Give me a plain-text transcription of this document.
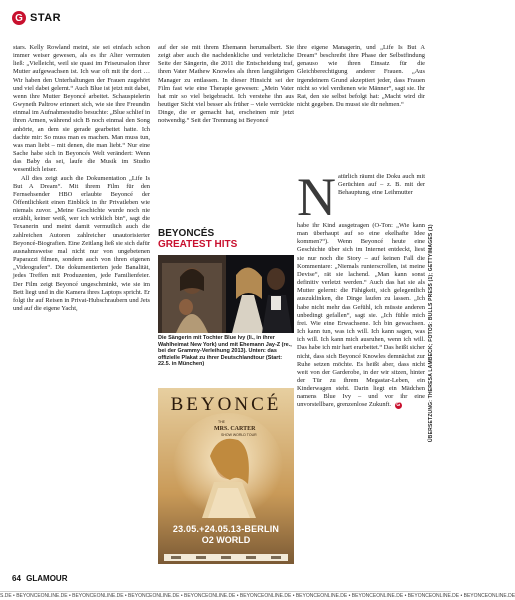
G STAR

stars. Kelly Rowland meint, sie sei einfach schon immer weiser gewesen, als es ihr Alter vermuten ließ: „Vielleicht, weil sie quasi im Friseursalon ihrer Mutter aufgewachsen ist. Ich war oft mit ihr dort … Wir haben den Unterhaltungen der Frauen zugehört und viel dabei gelernt.“ Auch Blue ist jetzt mit dabei, wenn ihre Mutter Beyoncé arbeitet. Schauspielerin Gwyneth Paltrow erinnert sich, wie sie ihre Freundin einmal im Aufnahmestudio besuchte: „Blue schlief in ihren Armen, während sich B noch einmal den Song anhörte, an dem sie gerade gearbeitet hatte. Ich dachte mir: So muss man es machen. Man muss tun, was man liebt – mit denen, die man liebt.“ Nur eine Sache habe sich in Beyoncés Welt verändert: Wenn das Baby da sei, laufe die Musik im Studio wesentlich leiser.

All dies zeigt auch die Dokumentation „Life Is But A Dream“. Mit ihrem Film für den Fernsehsender HBO erlaubte Beyoncé der Öffentlichkeit einen Einblick in ihr Privatleben wie niemals zuvor. „Meine Geschichte wurde noch nie erzählt, keiner weiß, wer ich wirklich bin“, sagt die Texanerin und meint damit vermutlich auch die zahlreichen Autoren zahlreicher unautorisierter Beyoncé-Biografien. Eine Zeitlang ließ sie sich dafür ausnahmsweise mal nicht nur von ungebetenen Paparazzi filmen, sondern auch von ihren eigenen „Videografen“. Die dokumentierten jede Banalität, jedes Treffen mit Produzenten, jede Familienfeier. Der Film zeigt Beyoncé ungeschminkt, wie sie im Bett liegt und in die Kamera ihres Laptops spricht. Er folgt ihr auf Reisen in Privat-Hubschraubern und Jets und auf die eigene Yacht,

auf der sie mit ihrem Ehemann herumalbert. Sie zeigt aber auch die nachdenkliche und verletzliche Seite der Sängerin, die 2011 die Entscheidung traf, ihren Vater Mathew Knowles als ihren langjährigen Manager zu entlassen. In dieser Hinsicht sei der Film fast wie eine Therapie gewesen: „Mein Vater hat mir so viel beigebracht. Ich verstehe ihn aus heutiger Sicht viel besser als früher – viele verrückte Dinge, die er gemacht hat, erscheinen mir jetzt notwendig.“ Seit der Trennung ist Beyoncé

BEYONCÉS
GREATEST HITS
Die Sängerin mit Tochter Blue Ivy (li., in ihrer Wahlheimat New York) und mit Ehemann Jay-Z (re., bei der Grammy-Verleihung 2013). Unten: das offizielle Plakat zu ihrer Deutschlandtour (Start: 22.5. in München)
BEYONCÉ
THE
MRS. CARTER
SHOW WORLD TOUR
23.05.+24.05.13-BERLIN
O2 WORLD

ihre eigene Managerin, und „Life Is But A Dream“ beschreibt ihre Phase der Selbstfindung genauso wie ihren Einsatz für die Gleichberechtigung anderer Frauen. „Aus irgendeinem Grund akzeptiert jeder, dass Frauen nicht so viel verdienen wie Männer“, sagt sie. Ihr Rat, den sie selbst befolgt hat: „Macht wird dir nicht gegeben. Du musst sie dir nehmen.“

N atürlich räumt die Doku auch mit Gerüchten auf – z. B. mit der Behauptung, eine Leihmutter
habe ihr Kind ausgetragen (O-Ton: „Wie kann man überhaupt auf so eine ekelhafte Idee kommen?“). Wenn Beyoncé heute eine Geschichte über sich im Internet entdeckt, liest sie nur noch die Story – auf keinen Fall die Kommentare: „Niemals runterscrollen, ist meine Devise“, rät sie lachend. „Man kann sonst definitiv verletzt werden.“ Auch das hat sie als Mutter gelernt: die Fähigkeit, sich gelegentlich auszuklinken, die Dinge laufen zu lassen. „Ich habe nicht mehr das Gefühl, ich müsste anderen unbedingt gefallen“, sagt sie. „Ich fühle mich frei. Wie eine Erwachsene. Ich bin gewachsen. Ich kann tun, was ich will. Ich kann sagen, was ich will. Ich kann mich ausruhen, wenn ich will. Das habe ich mir hart erarbeitet.“ Das heißt sicher nicht, dass sich Beyoncé Knowles demnächst zur Ruhe setzen möchte. Es heißt aber, dass nicht weit von der Garderobe, in der wir sitzen, hinter der Tür zu ihrem Megastar-Leben, ein Kinderwagen steht. Darin liegt ein Mädchen namens Blue Ivy – und vor ihr eine unvorstellbare, grenzenlose Zukunft. G	ÜBERSETZUNG: THERESA LAMBECK; FOTOS: BULLS PRESS (1); GETTYIMAGES (1)
64 GLAMOUR
S.DE • BEYONCEONLINE.DE • BEYONCEONLINE.DE • BEYONCEONLINE.DE • BEYONCEONLINE.DE • BEYONCEONLINE.DE • BEYONCEONLINE.DE • BEYONCEONLINE.DE • BEYONCEONLINE.DE • BEYONCEONLINE.DE
